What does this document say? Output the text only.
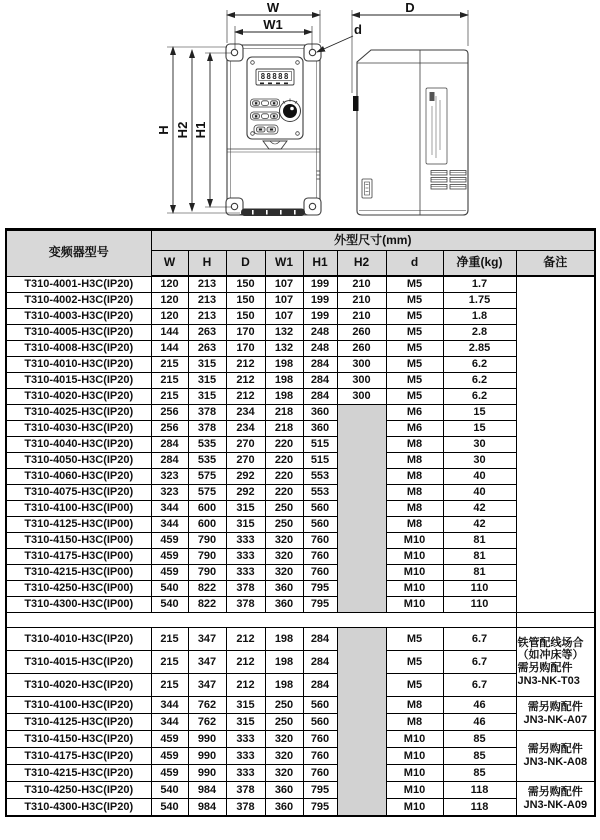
88888
W
W1	d
D
H H2 H1
变频器型号	外型尺寸(mm)								
	W	H	D	W1	H1	H2	d	净重(kg)	备注
T310-4001-H3C(IP20)	120	213	150	107	199	210	M5	1.7	
T310-4002-H3C(IP20)	120	213	150	107	199	210	M5	1.75	
T310-4003-H3C(IP20)	120	213	150	107	199	210	M5	1.8	
T310-4005-H3C(IP20)	144	263	170	132	248	260	M5	2.8	
T310-4008-H3C(IP20)	144	263	170	132	248	260	M5	2.85	
T310-4010-H3C(IP20)	215	315	212	198	284	300	M5	6.2	
T310-4015-H3C(IP20)	215	315	212	198	284	300	M5	6.2	
T310-4020-H3C(IP20)	215	315	212	198	284	300	M5	6.2	
T310-4025-H3C(IP20)	256	378	234	218	360		M6	15	
T310-4030-H3C(IP20)	256	378	234	218	360		M6	15	
T310-4040-H3C(IP20)	284	535	270	220	515		M8	30	
T310-4050-H3C(IP20)	284	535	270	220	515		M8	30	
T310-4060-H3C(IP20)	323	575	292	220	553		M8	40	
T310-4075-H3C(IP20)	323	575	292	220	553		M8	40	
T310-4100-H3C(IP00)	344	600	315	250	560		M8	42	
T310-4125-H3C(IP00)	344	600	315	250	560		M8	42	
T310-4150-H3C(IP00)	459	790	333	320	760		M10	81	
T310-4175-H3C(IP00)	459	790	333	320	760		M10	81	
T310-4215-H3C(IP00)	459	790	333	320	760		M10	81	
T310-4250-H3C(IP00)	540	822	378	360	795		M10	110	
T310-4300-H3C(IP00)	540	822	378	360	795		M10	110	

T310-4010-H3C(IP20)	215	347	212	198	284		M5	6.7	铁管配线场合
（如冲床等）
需另购配件
JN3-NK-T03

T310-4015-H3C(IP20)	215	347	212	198	284		M5	6.7	
T310-4020-H3C(IP20)	215	347	212	198	284		M5	6.7	
T310-4100-H3C(IP20)	344	762	315	250	560		M8	46	需另购配件
JN3-NK-A07

T310-4125-H3C(IP20)	344	762	315	250	560		M8	46	
T310-4150-H3C(IP20)	459	990	333	320	760		M10	85	需另购配件
JN3-NK-A08

T310-4175-H3C(IP20)	459	990	333	320	760		M10	85	
T310-4215-H3C(IP20)	459	990	333	320	760		M10	85	
T310-4250-H3C(IP20)	540	984	378	360	795		M10	118	需另购配件
JN3-NK-A09

T310-4300-H3C(IP20)	540	984	378	360	795		M10	118	
